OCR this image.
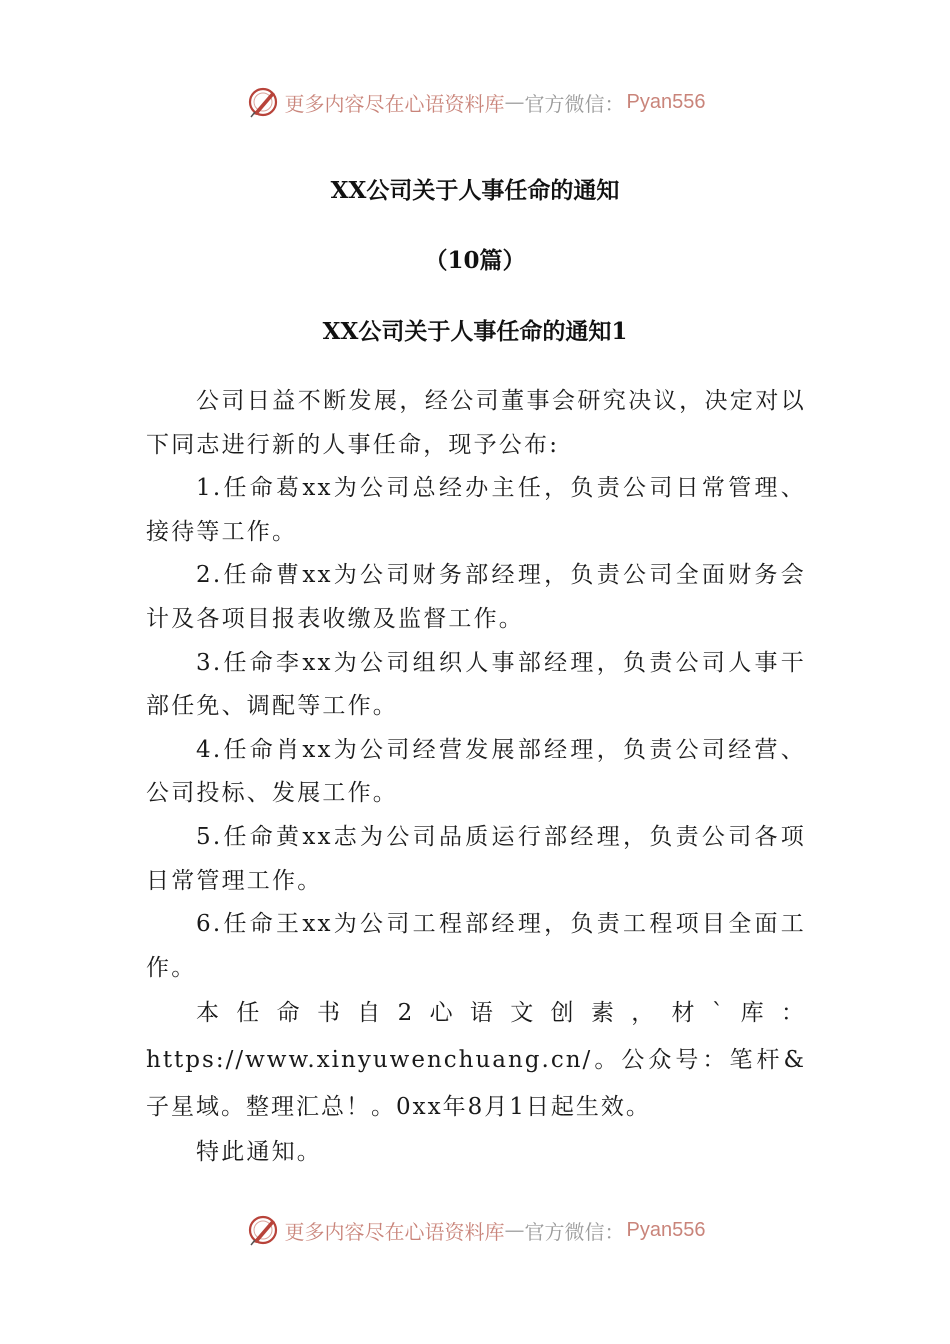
更多内容尽在心语资料库 — 官方微信： Pyan556
XX公司关于人事任命的通知
（10篇）
XX公司关于人事任命的通知1

公司日益不断发展，经公司董事会研究决议，决定对以下同志进行新的人事任命，现予公布:

1.任命葛xx为公司总经办主任，负责公司日常管理、接待等工作。

2.任命曹xx为公司财务部经理，负责公司全面财务会计及各项目报表收缴及监督工作。

3.任命李xx为公司组织人事部经理，负责公司人事干部任免、调配等工作。

4.任命肖xx为公司经营发展部经理，负责公司经营、公司投标、发展工作。

5.任命黄xx志为公司品质运行部经理，负责公司各项日常管理工作。

6.任命王xx为公司工程部经理，负责工程项目全面工作。

本任命书自2心语文创素，材`库：https://www.xinyuwenchuang.cn/。公众号：笔杆&子星域。整理汇总！。0xx年8月1日起生效。

特此通知。

更多内容尽在心语资料库 — 官方微信： Pyan556
